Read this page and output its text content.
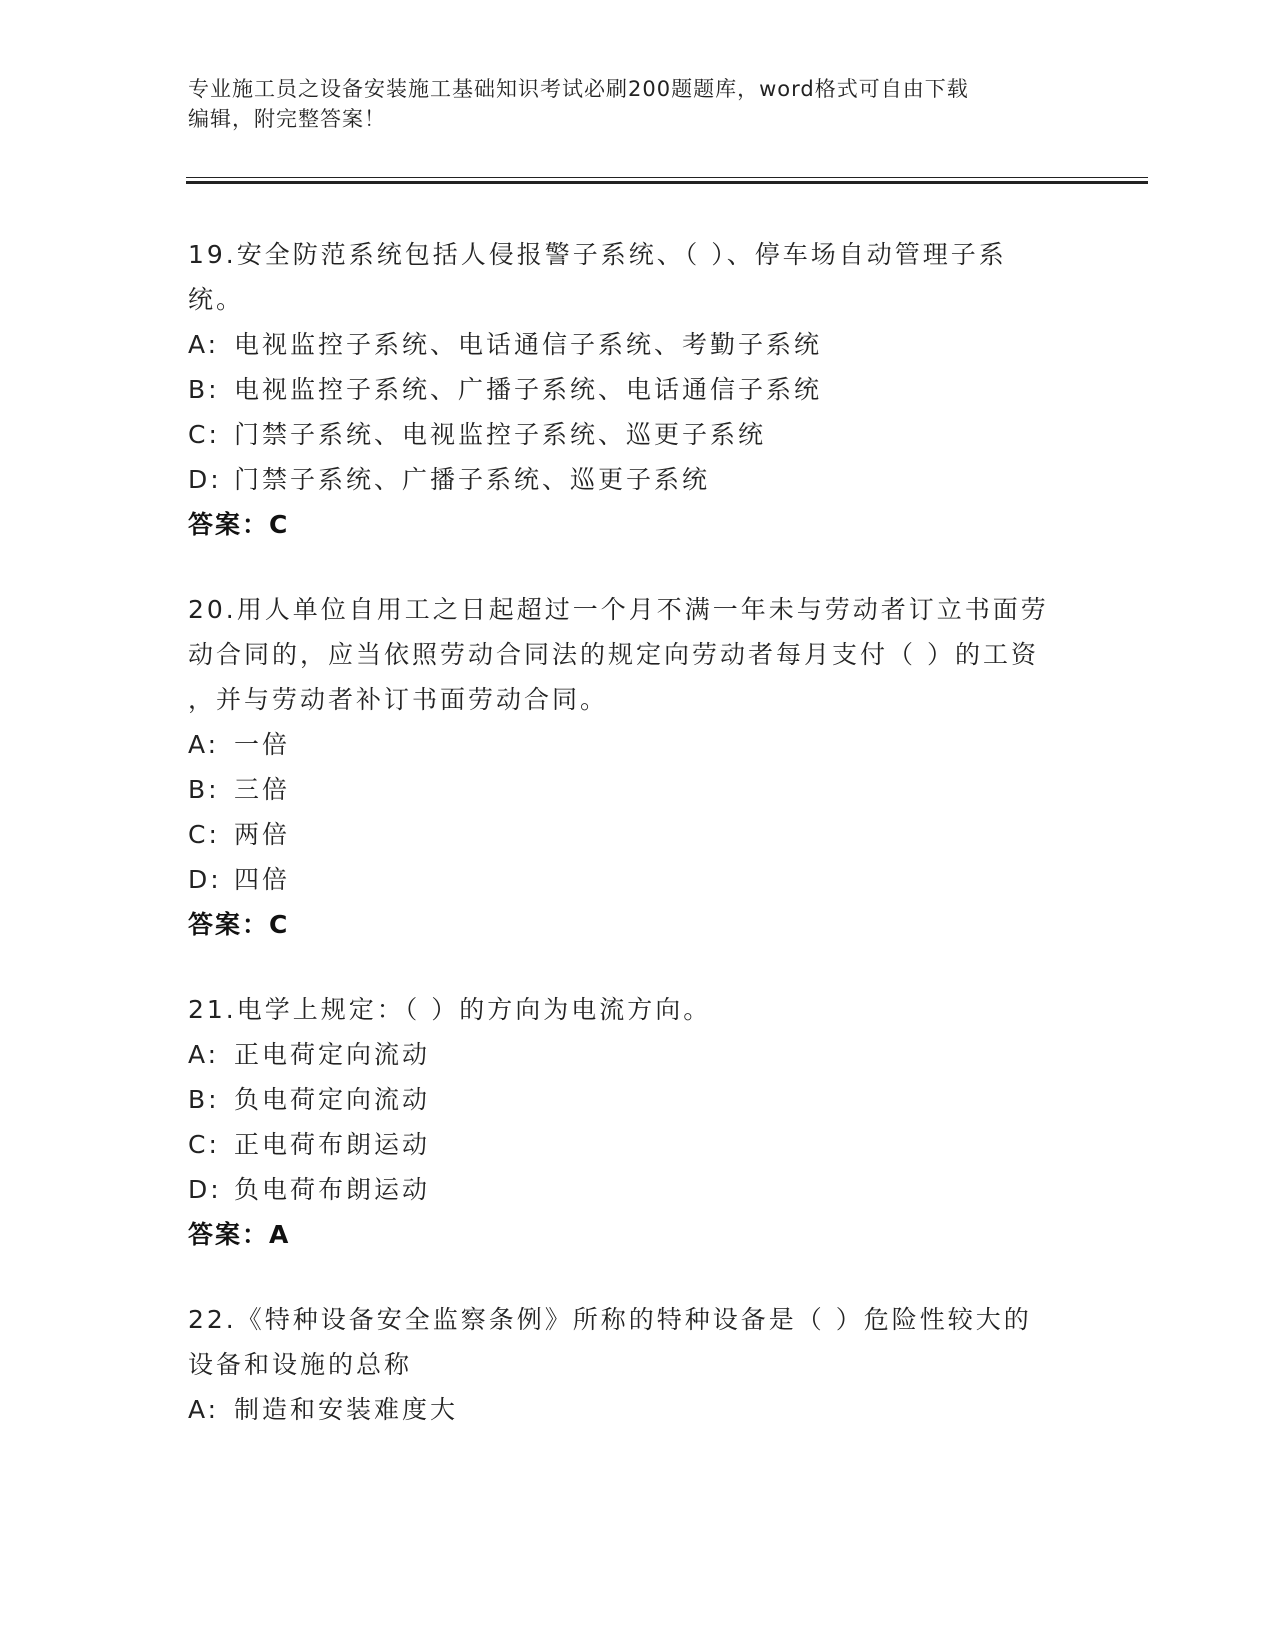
专业施工员之设备安装施工基础知识考试必刷200题题库，word格式可自由下载
编辑，附完整答案！

19.安全防范系统包括人侵报警子系统、（ ）、停车场自动管理子系

统。

A: 电视监控子系统、电话通信子系统、考勤子系统

B: 电视监控子系统、广播子系统、电话通信子系统

C: 门禁子系统、电视监控子系统、巡更子系统

D: 门禁子系统、广播子系统、巡更子系统

答案：C

20.用人单位自用工之日起超过一个月不满一年未与劳动者订立书面劳

动合同的，应当依照劳动合同法的规定向劳动者每月支付（ ）的工资

，并与劳动者补订书面劳动合同。

A: 一倍

B: 三倍

C: 两倍

D: 四倍

答案：C

21.电学上规定：（ ）的方向为电流方向。

A: 正电荷定向流动

B: 负电荷定向流动

C: 正电荷布朗运动

D: 负电荷布朗运动

答案：A

22.《特种设备安全监察条例》所称的特种设备是（ ）危险性较大的

设备和设施的总称

A: 制造和安装难度大
